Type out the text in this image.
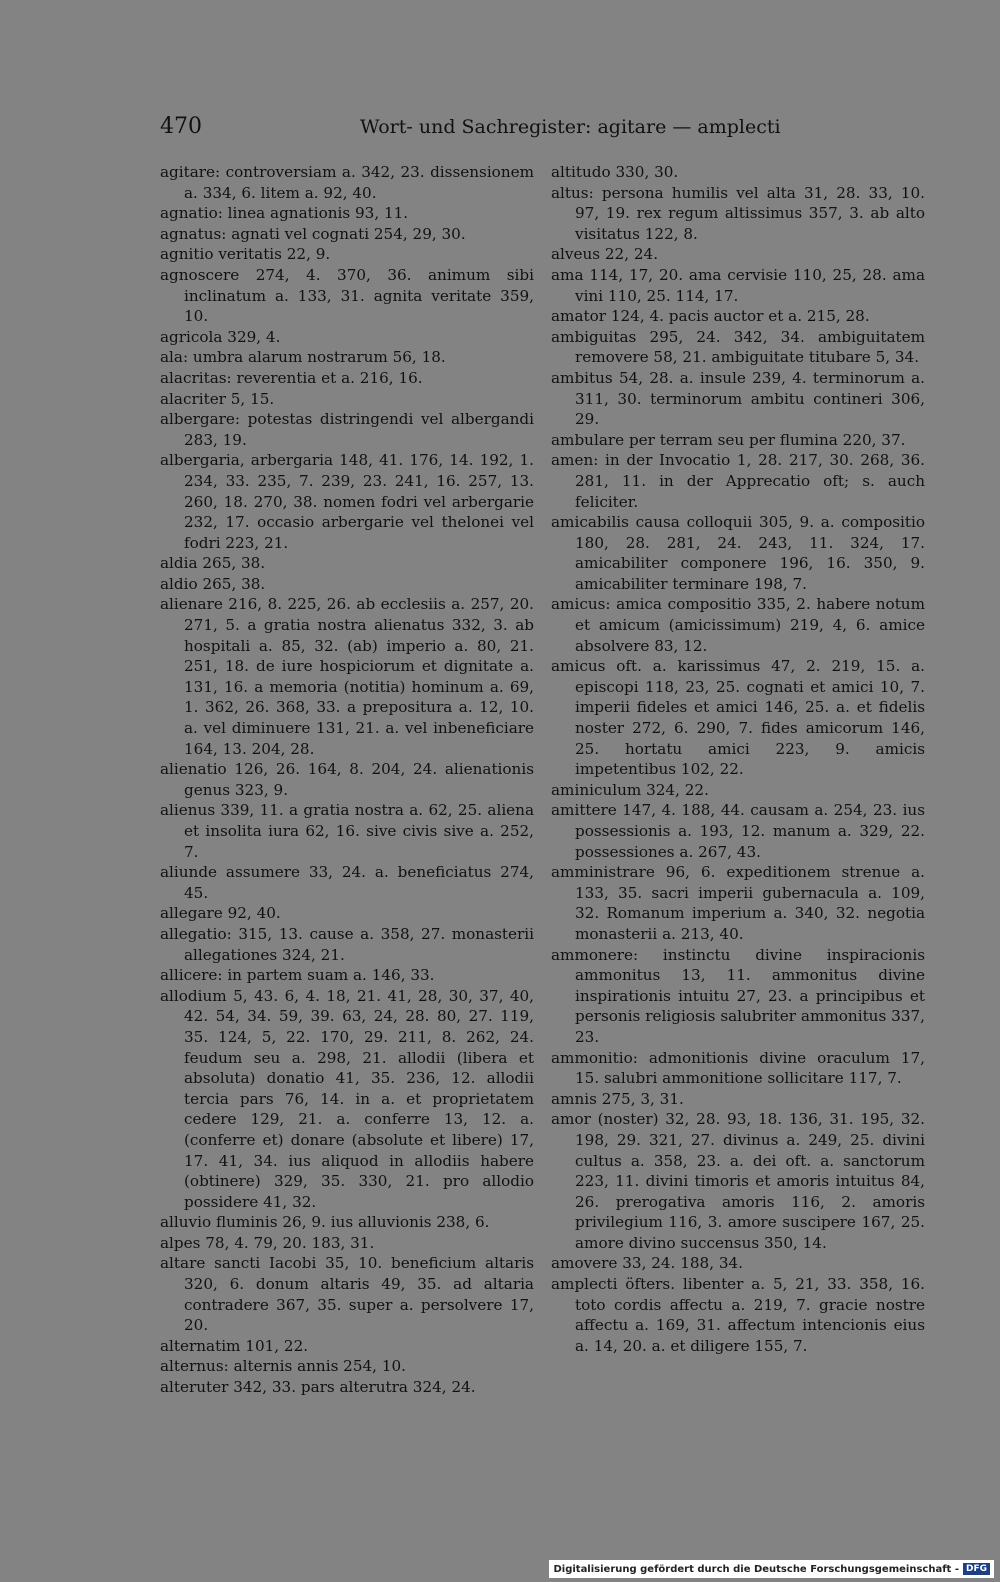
470	Wort- und Sachregister: agitare — amplecti

agitare: controversiam a. 342, 23. dissensionem a. 334, 6. litem a. 92, 40.

agnatio: linea agnationis 93, 11.

agnatus: agnati vel cognati 254, 29, 30.

agnitio veritatis 22, 9.

agnoscere 274, 4. 370, 36. animum sibi inclinatum a. 133, 31. agnita veritate 359, 10.

agricola 329, 4.

ala: umbra alarum nostrarum 56, 18.

alacritas: reverentia et a. 216, 16.

alacriter 5, 15.

albergare: potestas distringendi vel albergandi 283, 19.

albergaria, arbergaria 148, 41. 176, 14. 192, 1. 234, 33. 235, 7. 239, 23. 241, 16. 257, 13. 260, 18. 270, 38. nomen fodri vel arbergarie 232, 17. occasio arbergarie vel thelonei vel fodri 223, 21.

aldia 265, 38.

aldio 265, 38.

alienare 216, 8. 225, 26. ab ecclesiis a. 257, 20. 271, 5. a gratia nostra alienatus 332, 3. ab hospitali a. 85, 32. (ab) imperio a. 80, 21. 251, 18. de iure hospiciorum et dignitate a. 131, 16. a memoria (notitia) hominum a. 69, 1. 362, 26. 368, 33. a prepositura a. 12, 10. a. vel diminuere 131, 21. a. vel inbeneficiare 164, 13. 204, 28.

alienatio 126, 26. 164, 8. 204, 24. alienationis genus 323, 9.

alienus 339, 11. a gratia nostra a. 62, 25. aliena et insolita iura 62, 16. sive civis sive a. 252, 7.

aliunde assumere 33, 24. a. beneficiatus 274, 45.

allegare 92, 40.

allegatio: 315, 13. cause a. 358, 27. monasterii allegationes 324, 21.

allicere: in partem suam a. 146, 33.

allodium 5, 43. 6, 4. 18, 21. 41, 28, 30, 37, 40, 42. 54, 34. 59, 39. 63, 24, 28. 80, 27. 119, 35. 124, 5, 22. 170, 29. 211, 8. 262, 24. feudum seu a. 298, 21. allodii (libera et absoluta) donatio 41, 35. 236, 12. allodii tercia pars 76, 14. in a. et proprietatem cedere 129, 21. a. conferre 13, 12. a. (conferre et) donare (absolute et libere) 17, 17. 41, 34. ius aliquod in allodiis habere (obtinere) 329, 35. 330, 21. pro allodio possidere 41, 32.

alluvio fluminis 26, 9. ius alluvionis 238, 6.

alpes 78, 4. 79, 20. 183, 31.

altare sancti Iacobi 35, 10. beneficium altaris 320, 6. donum altaris 49, 35. ad altaria contradere 367, 35. super a. persolvere 17, 20.

alternatim 101, 22.

alternus: alternis annis 254, 10.

alteruter 342, 33. pars alterutra 324, 24.

altitudo 330, 30.

altus: persona humilis vel alta 31, 28. 33, 10. 97, 19. rex regum altissimus 357, 3. ab alto visitatus 122, 8.

alveus 22, 24.

ama 114, 17, 20. ama cervisie 110, 25, 28. ama vini 110, 25. 114, 17.

amator 124, 4. pacis auctor et a. 215, 28.

ambiguitas 295, 24. 342, 34. ambiguitatem removere 58, 21. ambiguitate titubare 5, 34.

ambitus 54, 28. a. insule 239, 4. terminorum a. 311, 30. terminorum ambitu contineri 306, 29.

ambulare per terram seu per flumina 220, 37.

amen: in der Invocatio 1, 28. 217, 30. 268, 36. 281, 11. in der Apprecatio oft; s. auch feliciter.

amicabilis causa colloquii 305, 9. a. compositio 180, 28. 281, 24. 243, 11. 324, 17. amicabiliter componere 196, 16. 350, 9. amicabiliter terminare 198, 7.

amicus: amica compositio 335, 2. habere notum et amicum (amicissimum) 219, 4, 6. amice absolvere 83, 12.

amicus oft. a. karissimus 47, 2. 219, 15. a. episcopi 118, 23, 25. cognati et amici 10, 7. imperii fideles et amici 146, 25. a. et fidelis noster 272, 6. 290, 7. fides amicorum 146, 25. hortatu amici 223, 9. amicis impetentibus 102, 22.

aminiculum 324, 22.

amittere 147, 4. 188, 44. causam a. 254, 23. ius possessionis a. 193, 12. manum a. 329, 22. possessiones a. 267, 43.

amministrare 96, 6. expeditionem strenue a. 133, 35. sacri imperii gubernacula a. 109, 32. Romanum imperium a. 340, 32. negotia monasterii a. 213, 40.

ammonere: instinctu divine inspiracionis ammonitus 13, 11. ammonitus divine inspirationis intuitu 27, 23. a principibus et personis religiosis salubriter ammonitus 337, 23.

ammonitio: admonitionis divine oraculum 17, 15. salubri ammonitione sollicitare 117, 7.

amnis 275, 3, 31.

amor (noster) 32, 28. 93, 18. 136, 31. 195, 32. 198, 29. 321, 27. divinus a. 249, 25. divini cultus a. 358, 23. a. dei oft. a. sanctorum 223, 11. divini timoris et amoris intuitus 84, 26. prerogativa amoris 116, 2. amoris privilegium 116, 3. amore suscipere 167, 25. amore divino succensus 350, 14.

amovere 33, 24. 188, 34.

amplecti öfters. libenter a. 5, 21, 33. 358, 16. toto cordis affectu a. 219, 7. gracie nostre affectu a. 169, 31. affectum intencionis eius a. 14, 20. a. et diligere 155, 7.

Digitalisierung gefördert durch die Deutsche Forschungsgemeinschaft - DFG
